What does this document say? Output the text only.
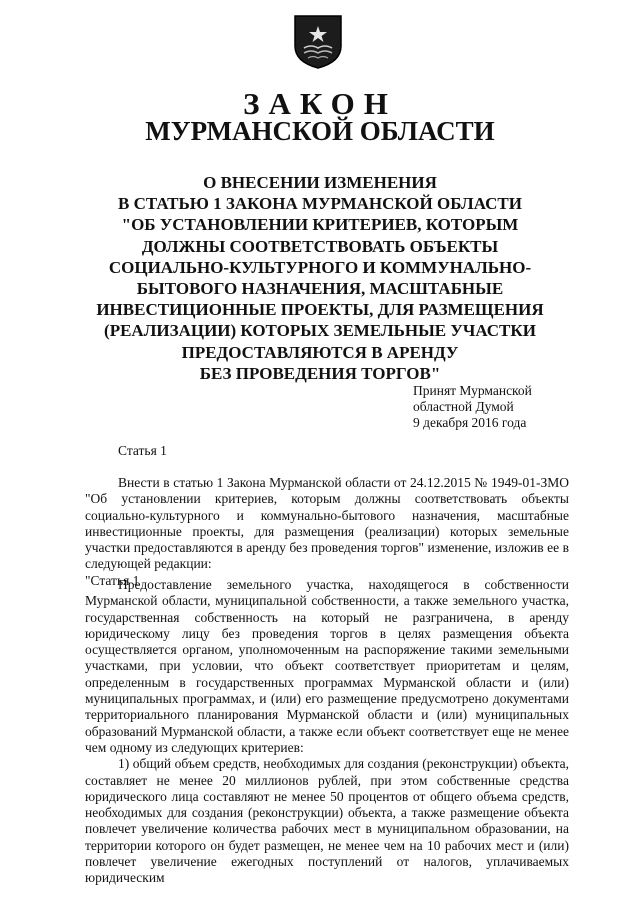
ЗАКОН
МУРМАНСКОЙ ОБЛАСТИ
О ВНЕСЕНИИ ИЗМЕНЕНИЯ
В СТАТЬЮ 1 ЗАКОНА МУРМАНСКОЙ ОБЛАСТИ
"ОБ УСТАНОВЛЕНИИ КРИТЕРИЕВ, КОТОРЫМ
ДОЛЖНЫ СООТВЕТСТВОВАТЬ ОБЪЕКТЫ
СОЦИАЛЬНО-КУЛЬТУРНОГО И КОММУНАЛЬНО-
БЫТОВОГО НАЗНАЧЕНИЯ, МАСШТАБНЫЕ
ИНВЕСТИЦИОННЫЕ ПРОЕКТЫ, ДЛЯ РАЗМЕЩЕНИЯ
(РЕАЛИЗАЦИИ) КОТОРЫХ ЗЕМЕЛЬНЫЕ УЧАСТКИ
ПРЕДОСТАВЛЯЮТСЯ В АРЕНДУ
БЕЗ ПРОВЕДЕНИЯ ТОРГОВ"
Принят Мурманской
областной Думой
9 декабря 2016 года
Статья 1

Внести в статью 1 Закона Мурманской области от 24.12.2015 № 1949-01-ЗМО "Об установлении критериев, которым должны соответствовать объекты социально-культурного и коммунально-бытового назначения, масштабные инвестиционные проекты, для размещения (реализации) которых земельные участки предоставляются в аренду без проведения торгов" изменение, изложив ее в следующей редакции:

"Статья 1

Предоставление земельного участка, находящегося в собственности Мурманской области, муниципальной собственности, а также земельного участка, государственная собственность на который не разграничена, в аренду юридическому лицу без проведения торгов в целях размещения объекта осуществляется органом, уполномоченным на распоряжение такими земельными участками, при условии, что объект соответствует приоритетам и целям, определенным в государственных программах Мурманской области и (или) муниципальных программах, и (или) его размещение предусмотрено документами территориального планирования Мурманской области и (или) муниципальных образований Мурманской области, а также если объект соответствует еще не менее чем одному из следующих критериев:

1) общий объем средств, необходимых для создания (реконструкции) объекта, составляет не менее 20 миллионов рублей, при этом собственные средства юридического лица составляют не менее 50 процентов от общего объема средств, необходимых для создания (реконструкции) объекта, а также размещение объекта повлечет увеличение количества рабочих мест в муниципальном образовании, на территории которого он будет размещен, не менее чем на 10 рабочих мест и (или) повлечет увеличение ежегодных поступлений от налогов, уплачиваемых юридическим
